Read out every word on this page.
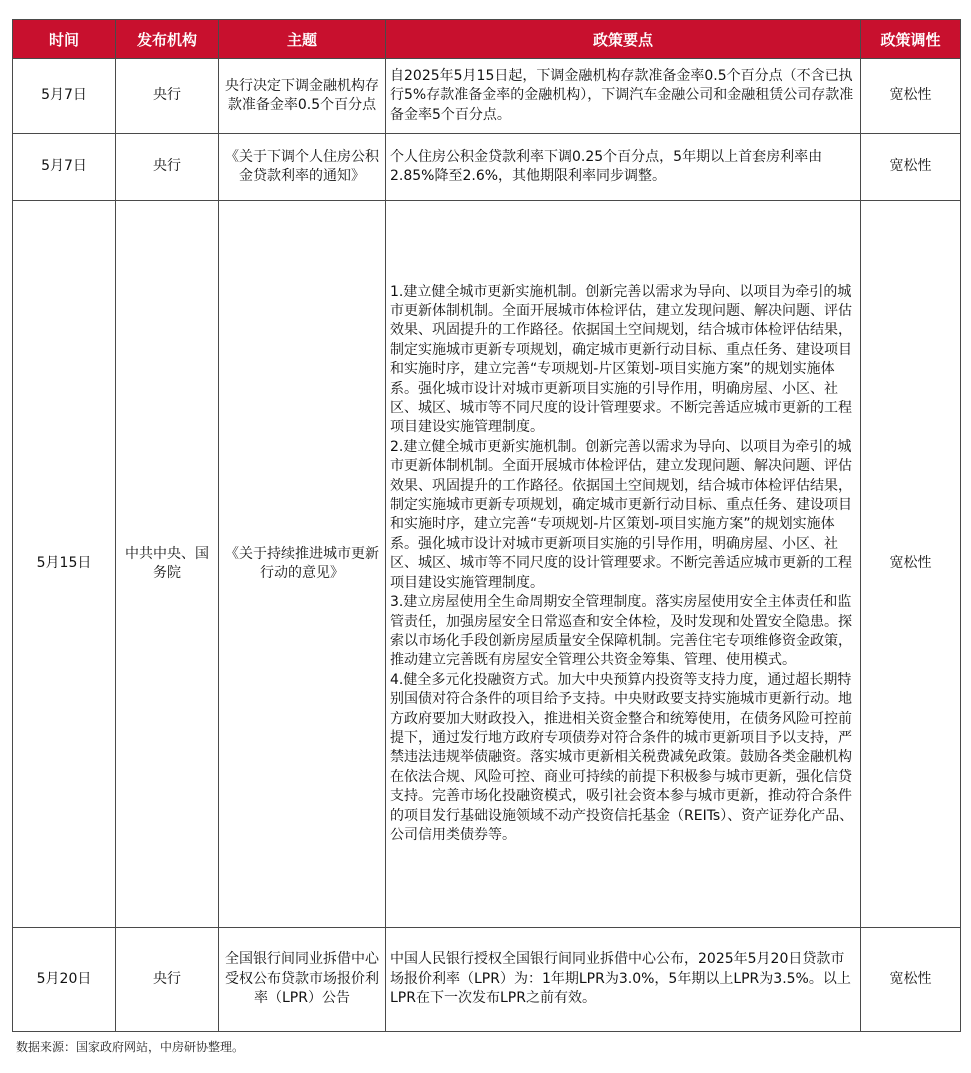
时间	发布机构	主题	政策要点	政策调性
5月7日	央行	央行决定下调金融机构存款准备金率0.5个百分点	自2025年5月15日起，下调金融机构存款准备金率0.5个百分点（不含已执行5%存款准备金率的金融机构），下调汽车金融公司和金融租赁公司存款准备金率5个百分点。	宽松性
5月7日	央行	《关于下调个人住房公积金贷款利率的通知》	个人住房公积金贷款利率下调0.25个百分点，5年期以上首套房利率由2.85%降至2.6%，其他期限利率同步调整。	宽松性
5月15日	中共中央、国务院	《关于持续推进城市更新行动的意见》	1.建立健全城市更新实施机制。创新完善以需求为导向、以项目为牵引的城市更新体制机制。全面开展城市体检评估，建立发现问题、解决问题、评估效果、巩固提升的工作路径。依据国土空间规划，结合城市体检评估结果，制定实施城市更新专项规划，确定城市更新行动目标、重点任务、建设项目和实施时序，建立完善“专项规划-片区策划-项目实施方案”的规划实施体系。强化城市设计对城市更新项目实施的引导作用，明确房屋、小区、社区、城区、城市等不同尺度的设计管理要求。不断完善适应城市更新的工程项目建设实施管理制度。

2.建立健全城市更新实施机制。创新完善以需求为导向、以项目为牵引的城市更新体制机制。全面开展城市体检评估，建立发现问题、解决问题、评估效果、巩固提升的工作路径。依据国土空间规划，结合城市体检评估结果，制定实施城市更新专项规划，确定城市更新行动目标、重点任务、建设项目和实施时序，建立完善“专项规划-片区策划-项目实施方案”的规划实施体系。强化城市设计对城市更新项目实施的引导作用，明确房屋、小区、社区、城区、城市等不同尺度的设计管理要求。不断完善适应城市更新的工程项目建设实施管理制度。

3.建立房屋使用全生命周期安全管理制度。落实房屋使用安全主体责任和监管责任，加强房屋安全日常巡查和安全体检，及时发现和处置安全隐患。探索以市场化手段创新房屋质量安全保障机制。完善住宅专项维修资金政策，推动建立完善既有房屋安全管理公共资金筹集、管理、使用模式。

4.健全多元化投融资方式。加大中央预算内投资等支持力度，通过超长期特别国债对符合条件的项目给予支持。中央财政要支持实施城市更新行动。地方政府要加大财政投入，推进相关资金整合和统筹使用，在债务风险可控前提下，通过发行地方政府专项债券对符合条件的城市更新项目予以支持，严禁违法违规举债融资。落实城市更新相关税费减免政策。鼓励各类金融机构在依法合规、风险可控、商业可持续的前提下积极参与城市更新，强化信贷支持。完善市场化投融资模式，吸引社会资本参与城市更新，推动符合条件的项目发行基础设施领域不动产投资信托基金（REITs）、资产证券化产品、公司信用类债券等。	宽松性
5月20日	央行	全国银行间同业拆借中心受权公布贷款市场报价利率（LPR）公告	中国人民银行授权全国银行间同业拆借中心公布，2025年5月20日贷款市场报价利率（LPR）为：1年期LPR为3.0%，5年期以上LPR为3.5%。以上LPR在下一次发布LPR之前有效。	宽松性
数据来源：国家政府网站，中房研协整理。
